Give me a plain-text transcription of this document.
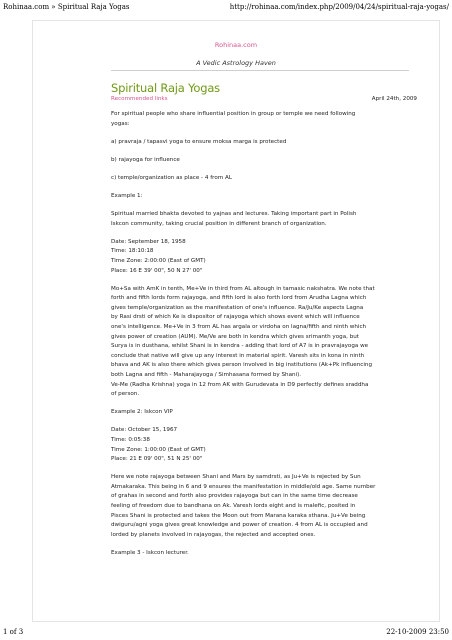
Rohinaa.com » Spiritual Raja Yogas	http://rohinaa.com/index.php/2009/04/24/spiritual-raja-yogas/
Rohinaa.com
A Vedic Astrology Haven
Spiritual Raja Yogas
Recommended links	April 24th, 2009

For spiritual people who share influential position in group or temple we need following
yogas:

a) pravraja / tapasvi yoga to ensure moksa marga is protected

b) rajayoga for influence

c) temple/organization as place - 4 from AL

Example 1:

Spiritual married bhakta devoted to yajnas and lectures. Taking important part in Polish
Iskcon community, taking crucial position in different branch of organization.

Date: September 18, 1958
Time: 18:10:18
Time Zone: 2:00:00 (East of GMT)
Place: 16 E 39' 00", 50 N 27' 00"

Mo+Sa with AmK in tenth, Me+Ve in third from AL altough in tamasic nakshatra. We note that
forth and fifth lords form rajayoga, and fifth lord is also forth lord from Arudha Lagna which
gives temple/organization as the manifestation of one's influence. Ra/Ju/Ke aspects Lagna
by Rasi drsti of which Ke is dispositor of rajayoga which shows event which will influence
one's intelligence. Me+Ve in 3 from AL has argala or virdoha on lagna/fifth and ninth which
gives power of creation (AUM). Me/Ve are both in kendra which gives srimanth yoga, but
Surya is in dusthana, whilst Shani is in kendra - adding that lord of A7 is in pravrajayoga we
conclude that native will give up any interest in material spirit. Varesh sits in kona in ninth
bhava and AK is also there which gives person involved in big institutions (Ak+Pk influencing
both Lagna and fifth - Maharajayoga / Simhasana formed by Shani).
Ve-Me (Radha Krishna) yoga in 12 from AK with Gurudevata in D9 perfectly defines sraddha
of person.

Example 2: Iskcon VIP

Date: October 15, 1967
Time: 0:05:38
Time Zone: 1:00:00 (East of GMT)
Place: 21 E 09' 00", 51 N 25' 00"

Here we note rajayoga between Shani and Mars by samdrsti, as Ju+Ve is rejected by Sun
Atmakaraka. This being in 6 and 9 ensures the manifestation in middle/old age. Same number
of grahas in second and forth also provides rajayoga but can in the same time decrease
feeling of freedom due to bandhana on Ak. Varesh lords eight and is malefic, posited in
Pisces Shani is protected and takes the Moon out from Marana karaka sthana. Ju+Ve being
dwiguru/agni yoga gives great knowledge and power of creation. 4 from AL is occupied and
lorded by planets involved in rajayogas, the rejected and accepted ones.

Example 3 - Iskcon lecturer.

1 of 3	22-10-2009 23:50
